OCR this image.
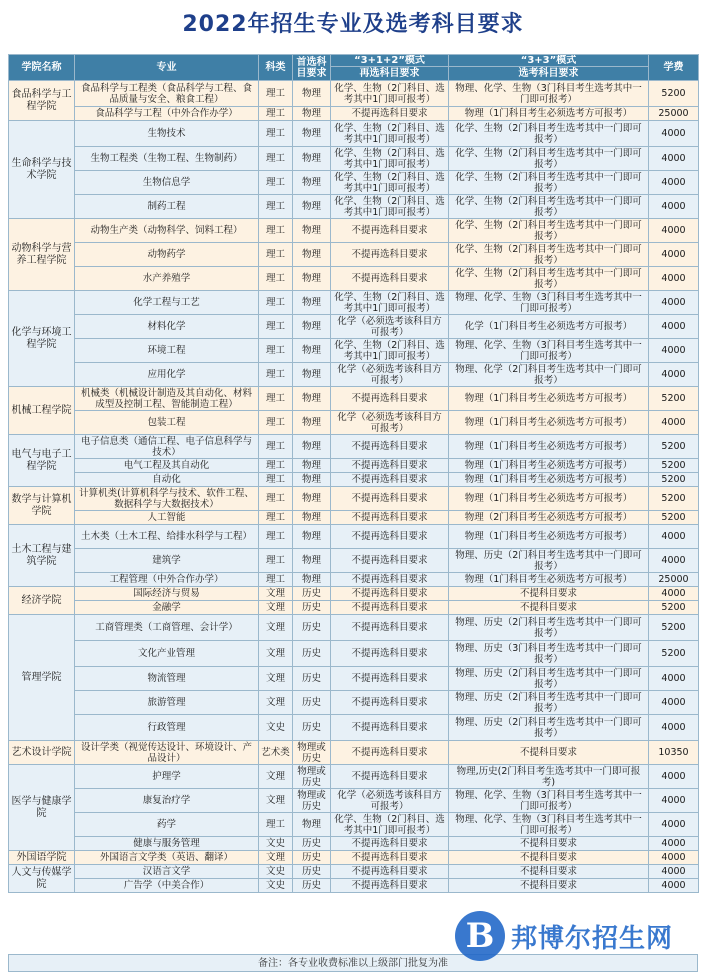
2022年招生专业及选考科目要求
学院名称	专业	科类	首选科目要求	“3+1+2”模式	“3+3”模式	学费
				再选科目要求	选考科目要求	
食品科学与工程学院	食品科学与工程类（食品科学与工程、食品质量与安全、粮食工程）	理工	物理	化学、生物（2门科目、选考其中1门即可报考）	物理、化学、生物（3门科目考生选考其中一门即可报考）	5200
	食品科学与工程（中外合作办学）	理工	物理	不提再选科目要求	物理（1门科目考生必须选考方可报考）	25000
生命科学与技术学院	生物技术	理工	物理	化学、生物（2门科目、选考其中1门即可报考）	化学、生物（2门科目考生选考其中一门即可报考）	4000
	生物工程类（生物工程、生物制药）	理工	物理	化学、生物（2门科目、选考其中1门即可报考）	化学、生物（2门科目考生选考其中一门即可报考）	4000
	生物信息学	理工	物理	化学、生物（2门科目、选考其中1门即可报考）	化学、生物（2门科目考生选考其中一门即可报考）	4000
	制药工程	理工	物理	化学、生物（2门科目、选考其中1门即可报考）	化学、生物（2门科目考生选考其中一门即可报考）	4000
动物科学与营养工程学院	动物生产类（动物科学、饲料工程）	理工	物理	不提再选科目要求	化学、生物（2门科目考生选考其中一门即可报考）	4000
	动物药学	理工	物理	不提再选科目要求	化学、生物（2门科目考生选考其中一门即可报考）	4000
	水产养殖学	理工	物理	不提再选科目要求	化学、生物（2门科目考生选考其中一门即可报考）	4000
化学与环境工程学院	化学工程与工艺	理工	物理	化学、生物（2门科目、选考其中1门即可报考）	物理、化学、生物（3门科目考生选考其中一门即可报考）	4000
	材料化学	理工	物理	化学（必须选考该科目方可报考）	化学（1门科目考生必须选考方可报考）	4000
	环境工程	理工	物理	化学、生物（2门科目、选考其中1门即可报考）	物理、化学、生物（3门科目考生选考其中一门即可报考）	4000
	应用化学	理工	物理	化学（必须选考该科目方可报考）	物理、化学（2门科目考生选考其中一门即可报考）	4000
机械工程学院	机械类（机械设计制造及其自动化、材料成型及控制工程、智能制造工程）	理工	物理	不提再选科目要求	物理（1门科目考生必须选考方可报考）	5200
	包装工程	理工	物理	化学（必须选考该科目方可报考）	物理（1门科目考生必须选考方可报考）	4000
电气与电子工程学院	电子信息类（通信工程、电子信息科学与技术）	理工	物理	不提再选科目要求	物理（1门科目考生必须选考方可报考）	5200
	电气工程及其自动化	理工	物理	不提再选科目要求	物理（1门科目考生必须选考方可报考）	5200
	自动化	理工	物理	不提再选科目要求	物理（1门科目考生必须选考方可报考）	5200
数学与计算机学院	计算机类(计算机科学与技术、软件工程、数据科学与大数据技术）	理工	物理	不提再选科目要求	物理（1门科目考生必须选考方可报考）	5200
	人工智能	理工	物理	不提再选科目要求	物理（2门科目考生必须选考方可报考）	5200
土木工程与建筑学院	土木类（土木工程、给排水科学与工程）	理工	物理	不提再选科目要求	物理（1门科目考生必须选考方可报考）	4000
	建筑学	理工	物理	不提再选科目要求	物理、历史（2门科目考生选考其中一门即可报考）	4000
	工程管理（中外合作办学）	理工	物理	不提再选科目要求	物理（1门科目考生必须选考方可报考）	25000
经济学院	国际经济与贸易	文理	历史	不提再选科目要求	不提科目要求	4000
	金融学	文理	历史	不提再选科目要求	不提科目要求	5200
管理学院	工商管理类（工商管理、会计学）	文理	历史	不提再选科目要求	物理、历史（2门科目考生选考其中一门即可报考）	5200
	文化产业管理	文理	历史	不提再选科目要求	物理、历史（3门科目考生选考其中一门即可报考）	5200
	物流管理	文理	历史	不提再选科目要求	物理、历史（2门科目考生选考其中一门即可报考）	4000
	旅游管理	文理	历史	不提再选科目要求	物理、历史（2门科目考生选考其中一门即可报考）	4000
	行政管理	文史	历史	不提再选科目要求	物理、历史（2门科目考生选考其中一门即可报考）	4000
艺术设计学院	设计学类（视觉传达设计、环境设计、产品设计）	艺术类	物理或历史	不提再选科目要求	不提科目要求	10350
医学与健康学院	护理学	文理	物理或历史	不提再选科目要求	物理,历史(2门科目考生选考其中一门即可报考)	4000
	康复治疗学	文理	物理或历史	化学（必须选考该科目方可报考）	物理、化学、生物（3门科目考生选考其中一门即可报考）	4000
	药学	理工	物理	化学、生物（2门科目、选考其中1门即可报考）	物理、化学、生物（3门科目考生选考其中一门即可报考）	4000
	健康与服务管理	文史	历史	不提再选科目要求	不提科目要求	4000
外国语学院	外国语言文学类（英语、翻译）	文理	历史	不提再选科目要求	不提科目要求	4000
人文与传媒学院	汉语言文学	文史	历史	不提再选科目要求	不提科目要求	4000
	广告学（中美合作）	文史	历史	不提再选科目要求	不提科目要求	4000
备注：各专业收费标准以上级部门批复为准
B 邦博尔招生网
